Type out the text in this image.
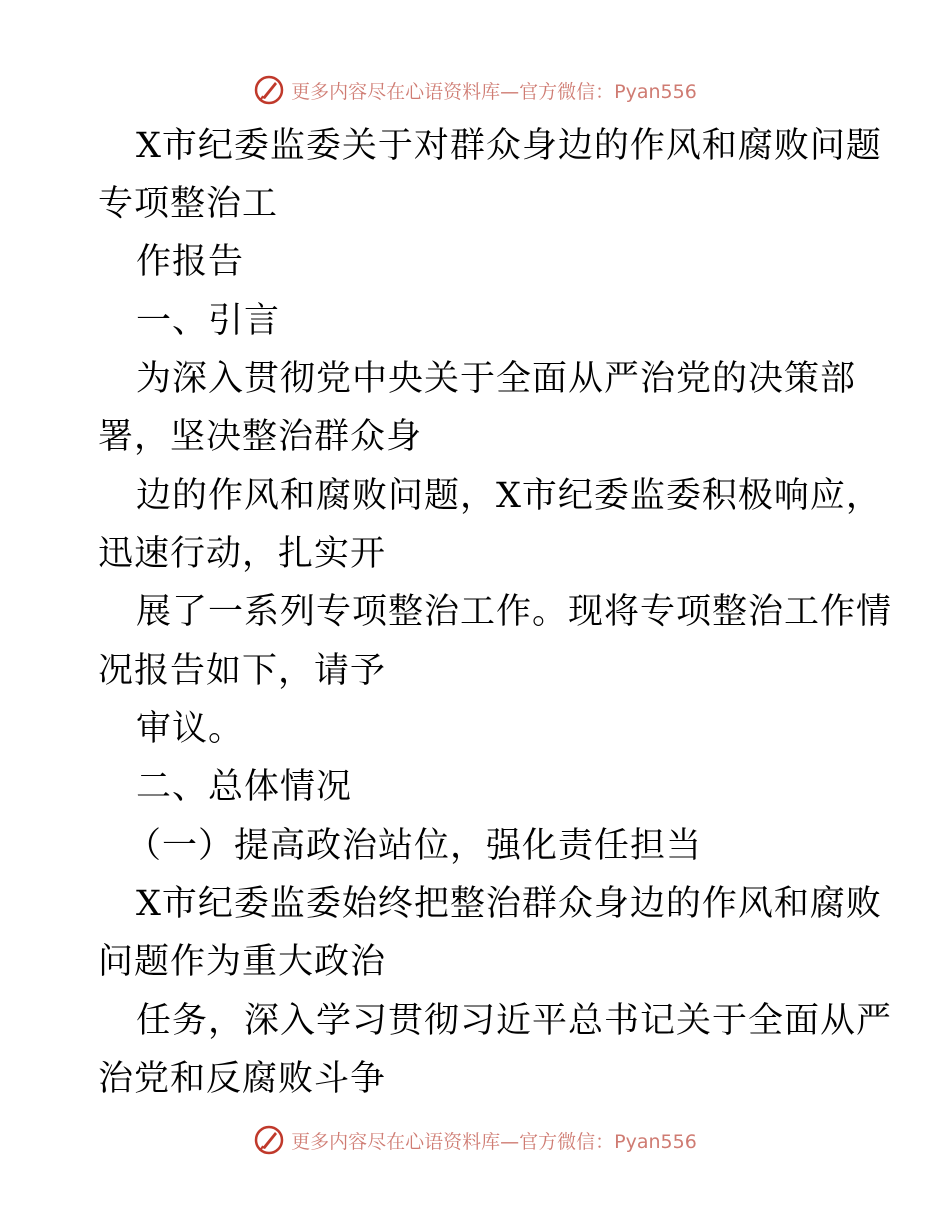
更多内容尽在心语资料库—官方微信：Pyan556
X市纪委监委关于对群众身边的作风和腐败问题
专项整治工
作报告
一、引言
为深入贯彻党中央关于全面从严治党的决策部
署，坚决整治群众身
边的作风和腐败问题，X市纪委监委积极响应，
迅速行动，扎实开
展了一系列专项整治工作。现将专项整治工作情
况报告如下，请予
审议。
二、总体情况
（一）提高政治站位，强化责任担当
X市纪委监委始终把整治群众身边的作风和腐败
问题作为重大政治
任务，深入学习贯彻习近平总书记关于全面从严
治党和反腐败斗争
更多内容尽在心语资料库—官方微信：Pyan556
